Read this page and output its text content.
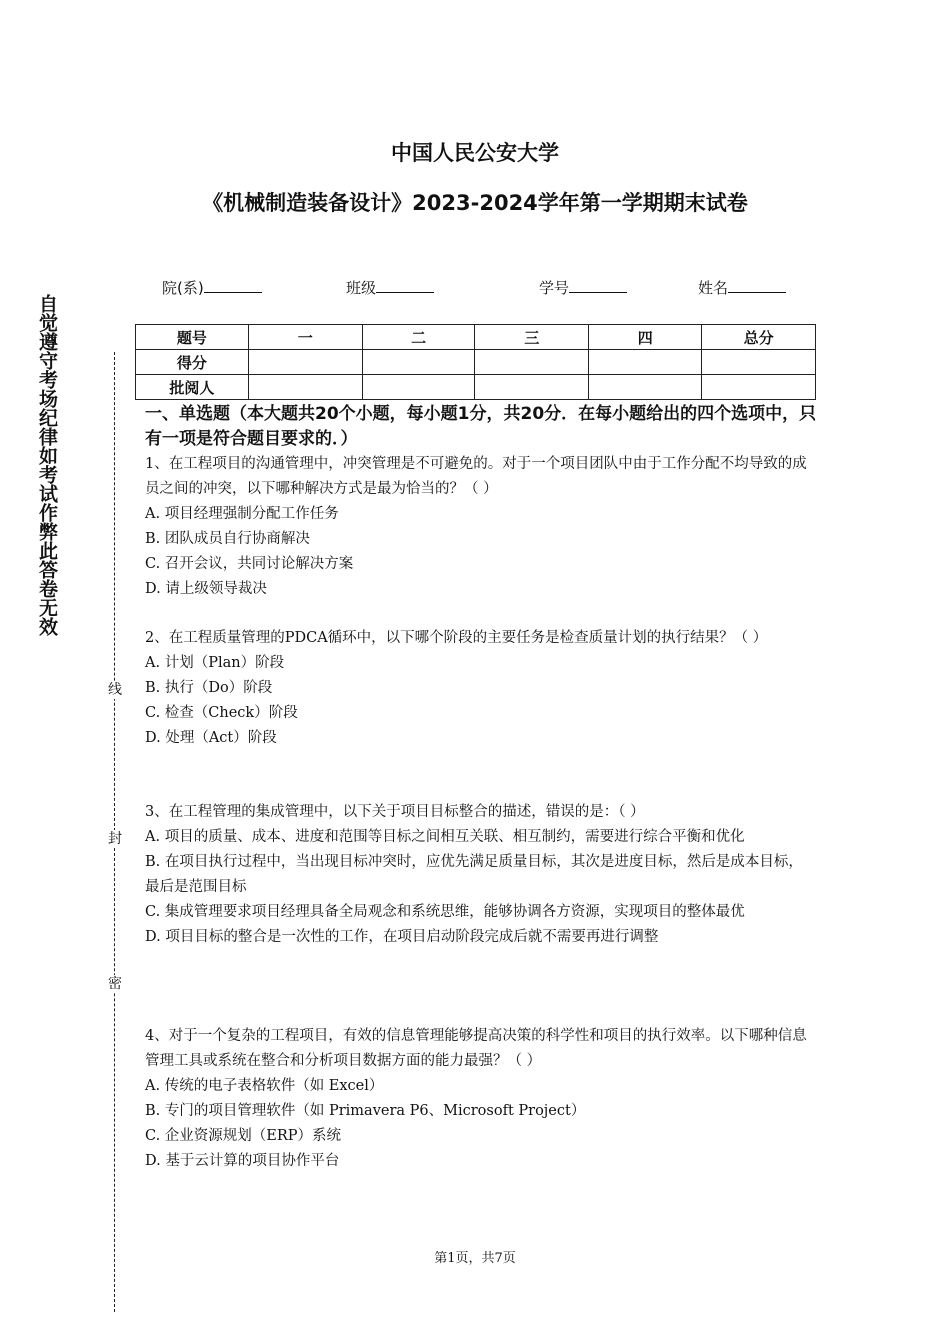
自觉遵守考场纪律如考试作弊此答卷无效
线
封
密
中国人民公安大学
《机械制造装备设计》2023-2024学年第一学期期末试卷
院(系)	班级	学号	姓名
题号	一	二	三	四	总分
得分					
批阅人					
一、单选题（本大题共20个小题，每小题1分，共20分．在每小题给出的四个选项中，只有一项是符合题目要求的．）

1、在工程项目的沟通管理中，冲突管理是不可避免的。对于一个项目团队中由于工作分配不均导致的成员之间的冲突，以下哪种解决方式是最为恰当的？（ ）

A. 项目经理强制分配工作任务

B. 团队成员自行协商解决

C. 召开会议，共同讨论解决方案

D. 请上级领导裁决

2、在工程质量管理的PDCA循环中，以下哪个阶段的主要任务是检查质量计划的执行结果？（ ）

A. 计划（Plan）阶段

B. 执行（Do）阶段

C. 检查（Check）阶段

D. 处理（Act）阶段

3、在工程管理的集成管理中，以下关于项目目标整合的描述，错误的是：（ ）

A. 项目的质量、成本、进度和范围等目标之间相互关联、相互制约，需要进行综合平衡和优化

B. 在项目执行过程中，当出现目标冲突时，应优先满足质量目标，其次是进度目标，然后是成本目标，最后是范围目标

C. 集成管理要求项目经理具备全局观念和系统思维，能够协调各方资源，实现项目的整体最优

D. 项目目标的整合是一次性的工作，在项目启动阶段完成后就不需要再进行调整

4、对于一个复杂的工程项目，有效的信息管理能够提高决策的科学性和项目的执行效率。以下哪种信息管理工具或系统在整合和分析项目数据方面的能力最强？（ ）

A. 传统的电子表格软件（如 Excel）

B. 专门的项目管理软件（如 Primavera P6、Microsoft Project）

C. 企业资源规划（ERP）系统

D. 基于云计算的项目协作平台

第1页，共7页
